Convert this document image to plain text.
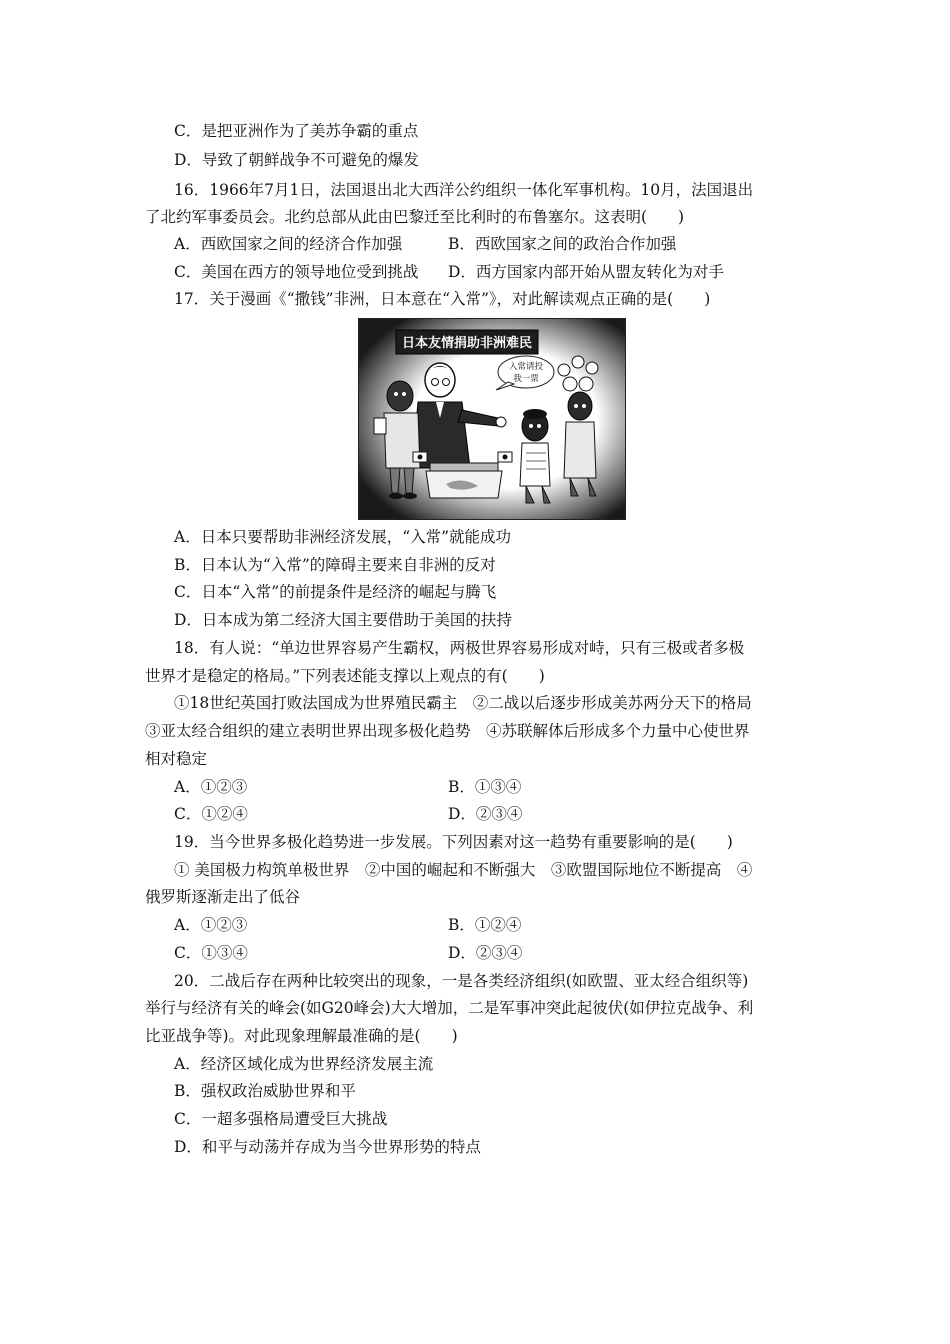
C．是把亚洲作为了美苏争霸的重点
D．导致了朝鲜战争不可避免的爆发
16．1966年7月1日，法国退出北大西洋公约组织一体化军事机构。10月，法国退出
了北约军事委员会。北约总部从此由巴黎迁至比利时的布鲁塞尔。这表明(　　)
A．西欧国家之间的经济合作加强	B．西欧国家之间的政治合作加强
C．美国在西方的领导地位受到挑战 D．西方国家内部开始从盟友转化为对手
17．关于漫画《“撒钱”非洲，日本意在“入常”》，对此解读观点正确的是(　　)
日本友情捐助非洲难民
入常请投
我一票
A．日本只要帮助非洲经济发展，“入常”就能成功
B．日本认为“入常”的障碍主要来自非洲的反对
C．日本“入常”的前提条件是经济的崛起与腾飞
D．日本成为第二经济大国主要借助于美国的扶持
18．有人说：“单边世界容易产生霸权，两极世界容易形成对峙，只有三极或者多极
世界才是稳定的格局。”下列表述能支撑以上观点的有(　　)
①18世纪英国打败法国成为世界殖民霸主　②二战以后逐步形成美苏两分天下的格局
③亚太经合组织的建立表明世界出现多极化趋势　④苏联解体后形成多个力量中心使世界
相对稳定
A．①②③	B．①③④
C．①②④	D．②③④
19．当今世界多极化趋势进一步发展。下列因素对这一趋势有重要影响的是(　　)
① 美国极力构筑单极世界　②中国的崛起和不断强大　③欧盟国际地位不断提高　④
俄罗斯逐渐走出了低谷
A．①②③	B．①②④
C．①③④	D．②③④
20．二战后存在两种比较突出的现象，一是各类经济组织(如欧盟、亚太经合组织等)
举行与经济有关的峰会(如G20峰会)大大增加，二是军事冲突此起彼伏(如伊拉克战争、利
比亚战争等)。对此现象理解最准确的是(　　)
A．经济区域化成为世界经济发展主流
B．强权政治威胁世界和平
C．一超多强格局遭受巨大挑战
D．和平与动荡并存成为当今世界形势的特点
